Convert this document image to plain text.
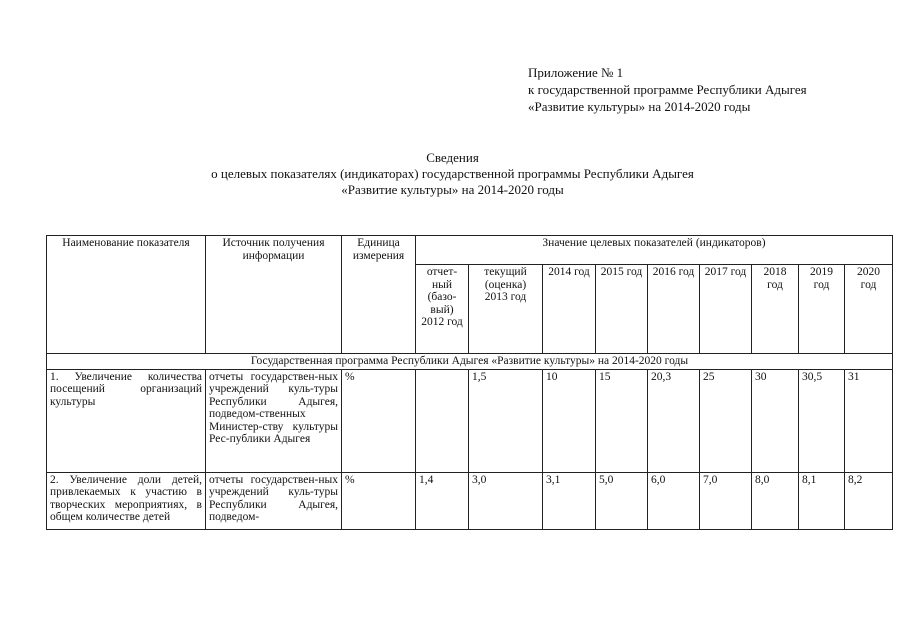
Приложение № 1
к государственной программе Республики Адыгея
«Развитие культуры» на 2014-2020 годы
Сведения
о целевых показателях (индикаторах) государственной программы Республики Адыгея
«Развитие культуры» на 2014-2020 годы
Наименование показателя	Источник получения информации	Единица измерения	Значение целевых показателей (индикаторов)								
			отчет-ный (базо-вый) 2012 год	текущий (оценка) 2013 год	2014 год	2015 год	2016 год	2017 год	2018 год	2019 год	2020 год
Государственная программа Республики Адыгея «Развитие культуры» на 2014-2020 годы											
1. Увеличение количества посещений организаций культуры	отчеты государствен-ных учреждений куль-туры Республики Адыгея, подведом-ственных Министер-ству культуры Рес-публики Адыгея	%		1,5	10	15	20,3	25	30	30,5	31
2. Увеличение доли детей, привлекаемых к участию в творческих мероприятиях, в общем количестве детей	отчеты государствен-ных учреждений куль-туры Республики Адыгея, подведом-	%	1,4	3,0	3,1	5,0	6,0	7,0	8,0	8,1	8,2
